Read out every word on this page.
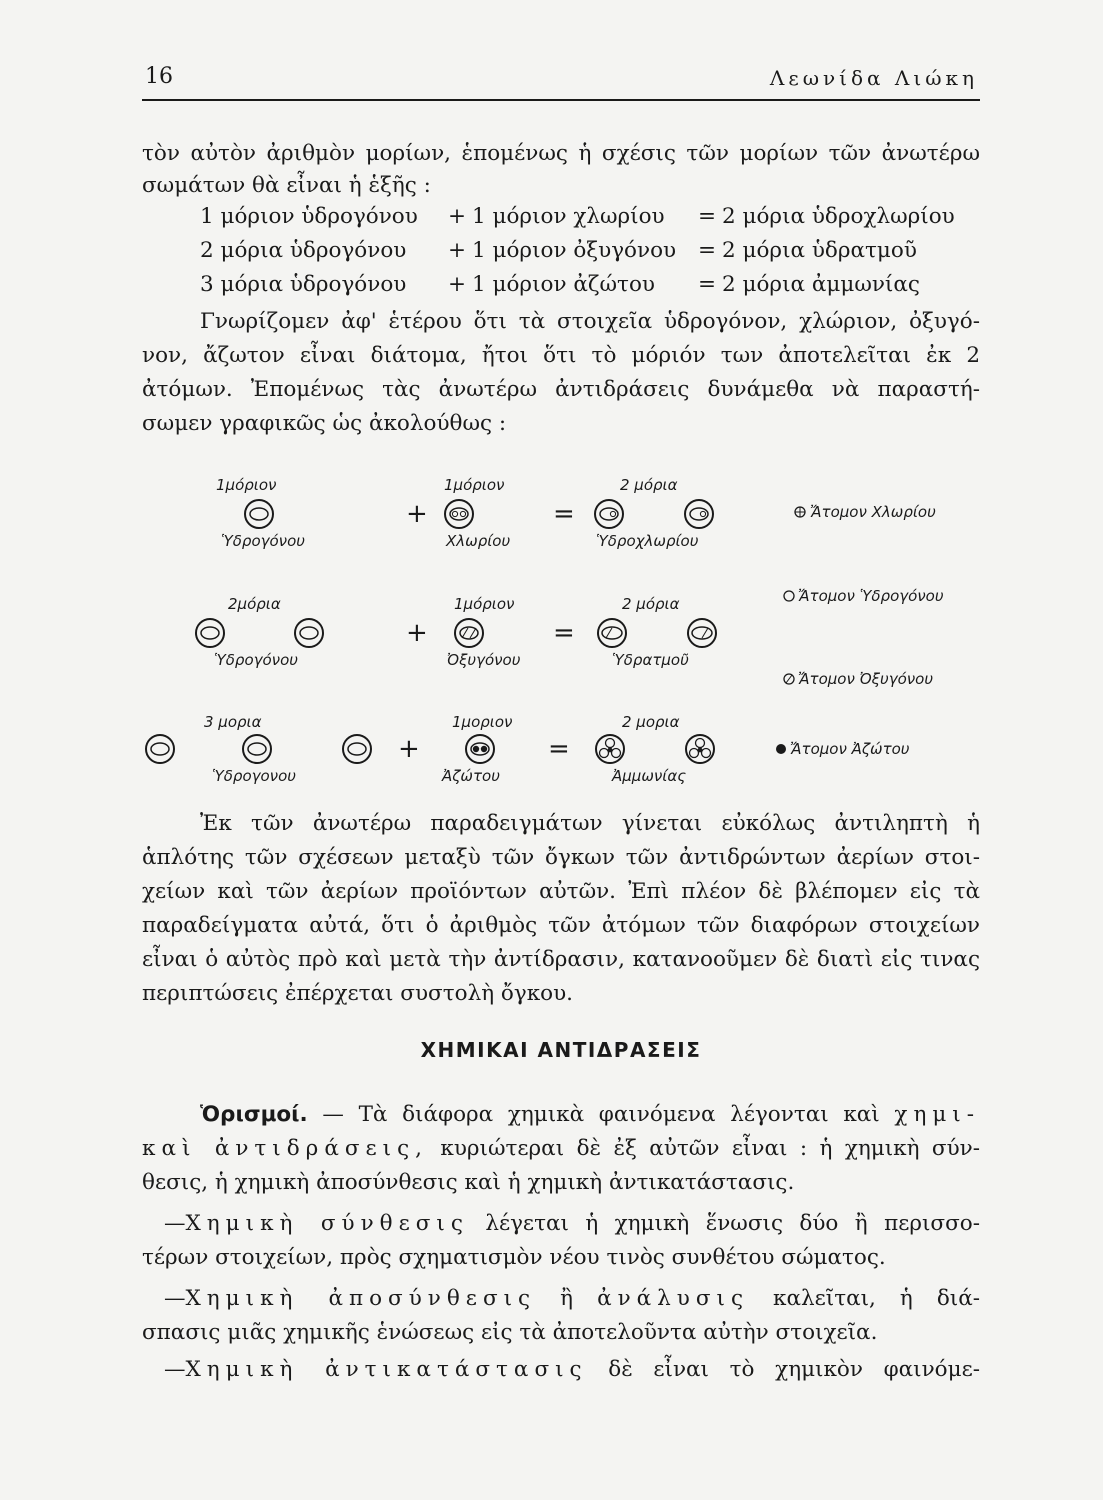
16	Λεωνίδα Λιώκη
τὸν αὐτὸν ἀριθμὸν μορίων, ἑπομένως ἡ σχέσις τῶν μορίων τῶν ἀνωτέρω
σωμάτων θὰ εἶναι ἡ ἑξῆς :
1 μόριον ὑδρογόνου + 1 μόριον χλωρίου = 2 μόρια ὑδροχλωρίου
2 μόρια ὑδρογόνου + 1 μόριον ὀξυγόνου = 2 μόρια ὑδρατμοῦ
3 μόρια ὑδρογόνου + 1 μόριον ἀζώτου = 2 μόρια ἀμμωνίας
Γνωρίζομεν ἀφ' ἑτέρου ὅτι τὰ στοιχεῖα ὑδρογόνον, χλώριον, ὀξυγό-
νον, ἄζωτον εἶναι διάτομα, ἤτοι ὅτι τὸ μόριόν των ἀποτελεῖται ἐκ 2
ἀτόμων. Ἐπομένως τὰς ἀνωτέρω ἀντιδράσεις δυνάμεθα νὰ παραστή-
σωμεν γραφικῶς ὡς ἀκολούθως :
1μόριον
Ὑδρογόνου
+
1μόριον
Χλωρίου
=
2 μόρια
Ὑδροχλωρίου
Ἄτομον Χλωρίου
2μόρια
Ὑδρογόνου
+
1μόριον
Ὀξυγόνου
=
2 μόρια
Ὑδρατμοῦ
Ἄτομον Ὑδρογόνου
Ἄτομον Ὀξυγόνου
3 μορια
Ὑδρογονου
+
1μοριον
Ἀζώτου
=
2 μορια
Ἀμμωνίας
Ἄτομον Ἀζώτου
Ἐκ τῶν ἀνωτέρω παραδειγμάτων γίνεται εὐκόλως ἀντιληπτὴ ἡ
ἁπλότης τῶν σχέσεων μεταξὺ τῶν ὄγκων τῶν ἀντιδρώντων ἀερίων στοι-
χείων καὶ τῶν ἀερίων προϊόντων αὐτῶν. Ἐπὶ πλέον δὲ βλέπομεν εἰς τὰ
παραδείγματα αὐτά, ὅτι ὁ ἀριθμὸς τῶν ἀτόμων τῶν διαφόρων στοιχείων
εἶναι ὁ αὐτὸς πρὸ καὶ μετὰ τὴν ἀντίδρασιν, κατανοοῦμεν δὲ διατὶ εἰς τινας
περιπτώσεις ἐπέρχεται συστολὴ ὄγκου.
ΧΗΜΙΚΑΙ ΑΝΤΙΔΡΑΣΕΙΣ
Ὁρισμοί. — Τὰ διάφορα χημικὰ φαινόμενα λέγονται καὶ χημι-
καὶ ἀντιδράσεις, κυριώτεραι δὲ ἐξ αὐτῶν εἶναι : ἡ χημικὴ σύν-
θεσις, ἡ χημικὴ ἀποσύνθεσις καὶ ἡ χημικὴ ἀντικατάστασις.
—Χημικὴ σύνθεσις λέγεται ἡ χημικὴ ἕνωσις δύο ἢ περισσο-
τέρων στοιχείων, πρὸς σχηματισμὸν νέου τινὸς συνθέτου σώματος.
—Χημικὴ ἀποσύνθεσις ἢ ἀνάλυσις καλεῖται, ἡ διά-
σπασις μιᾶς χημικῆς ἑνώσεως εἰς τὰ ἀποτελοῦντα αὐτὴν στοιχεῖα.
—Χημικὴ ἀντικατάστασις δὲ εἶναι τὸ χημικὸν φαινόμε-
